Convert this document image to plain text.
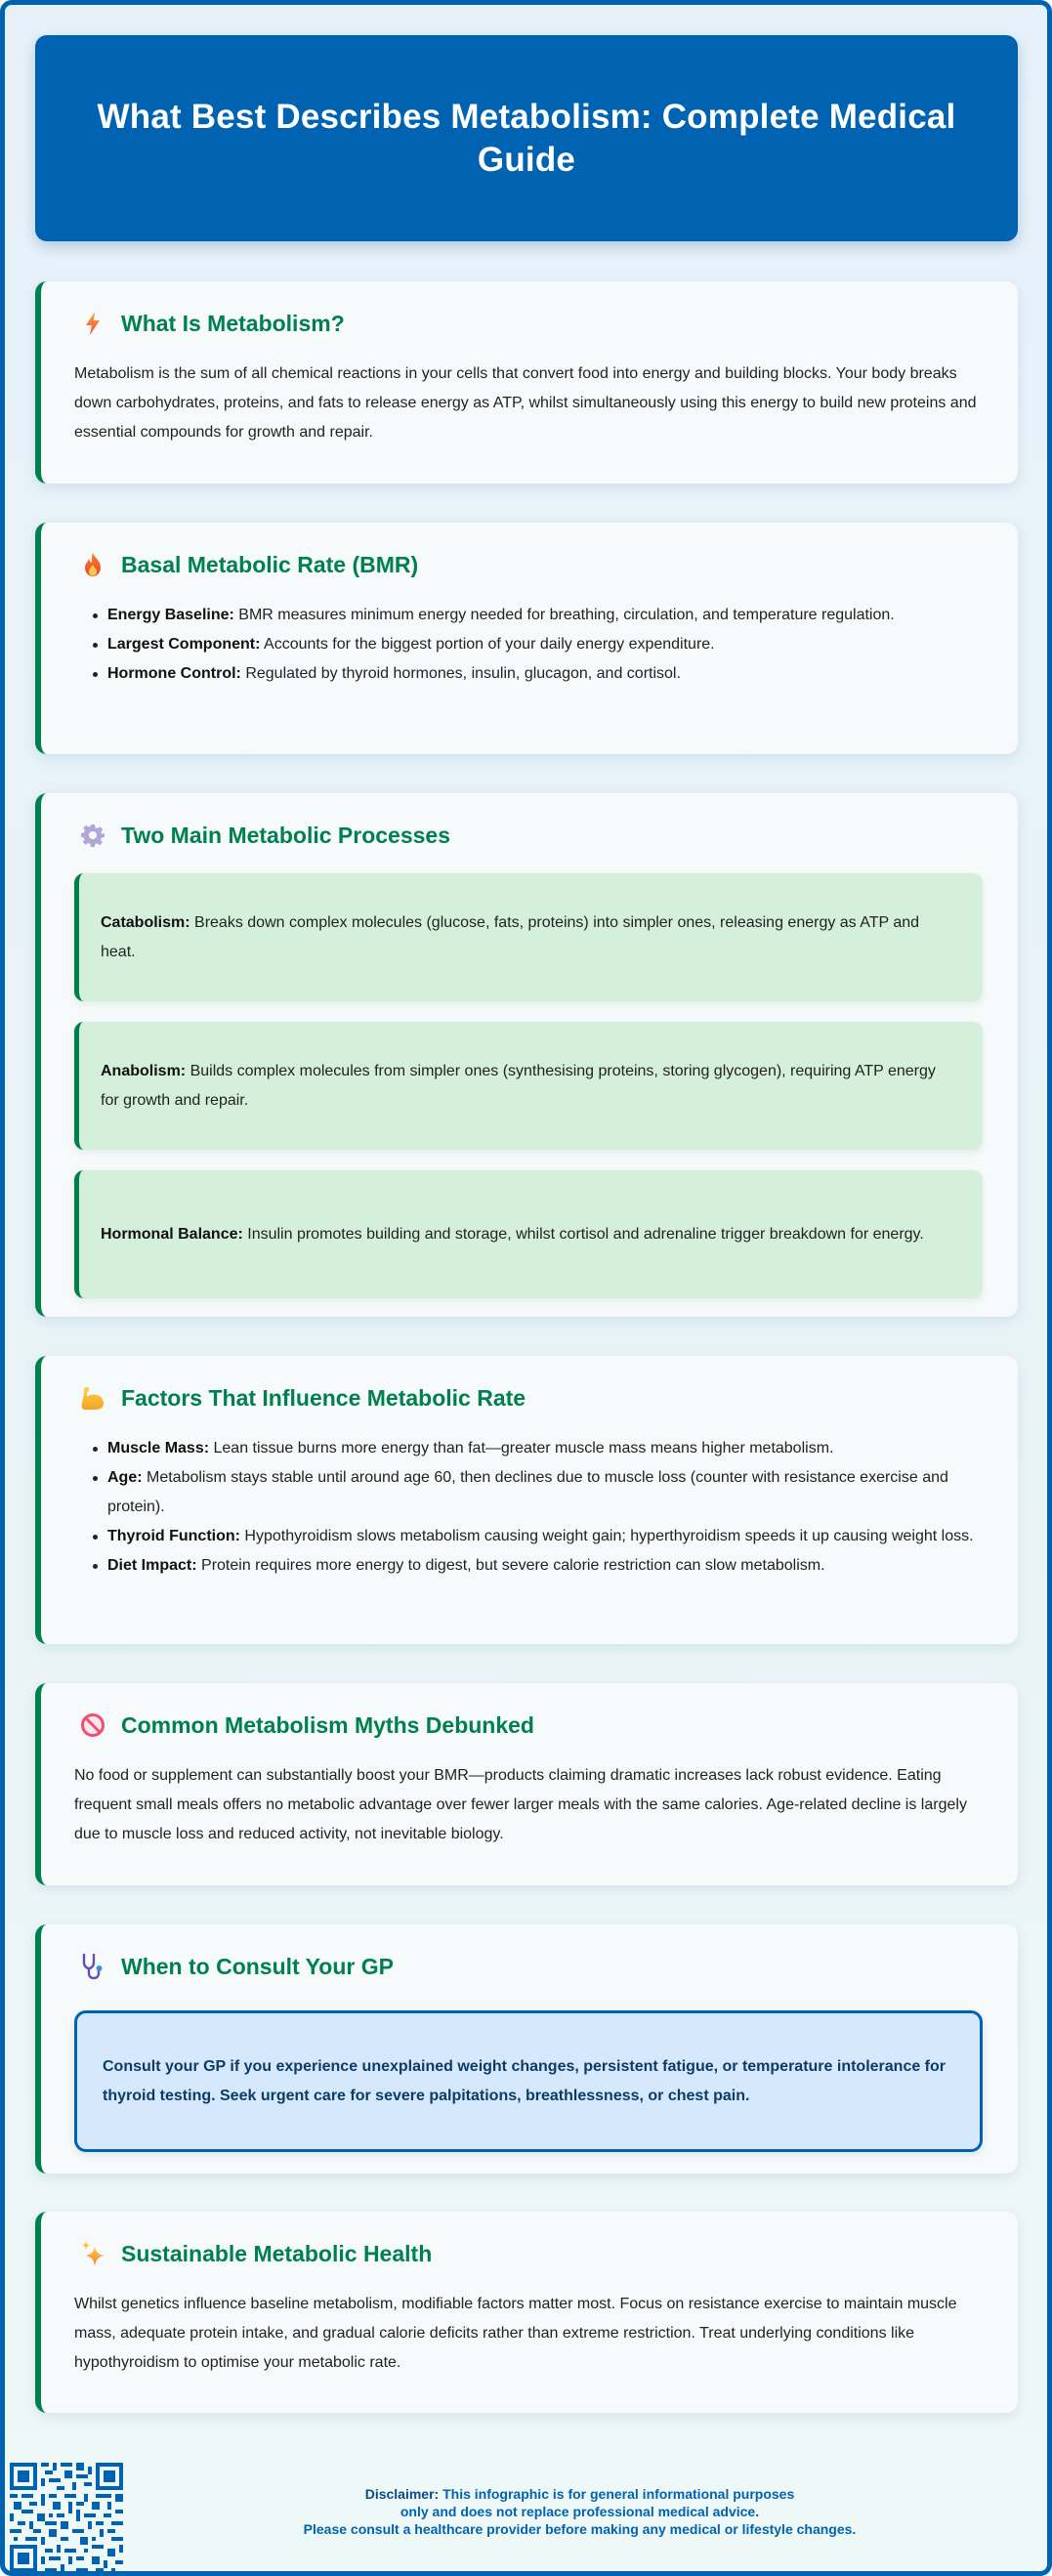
What Best Describes Metabolism: Complete Medical Guide
What Is Metabolism?

Metabolism is the sum of all chemical reactions in your cells that convert food into energy and building blocks. Your body breaks down carbohydrates, proteins, and fats to release energy as ATP, whilst simultaneously using this energy to build new proteins and essential compounds for growth and repair.

Basal Metabolic Rate (BMR)
Energy Baseline: BMR measures minimum energy needed for breathing, circulation, and temperature regulation.
Largest Component: Accounts for the biggest portion of your daily energy expenditure.
Hormone Control: Regulated by thyroid hormones, insulin, glucagon, and cortisol.
Two Main Metabolic Processes
Catabolism: Breaks down complex molecules (glucose, fats, proteins) into simpler ones, releasing energy as ATP and heat.
Anabolism: Builds complex molecules from simpler ones (synthesising proteins, storing glycogen), requiring ATP energy for growth and repair.
Hormonal Balance: Insulin promotes building and storage, whilst cortisol and adrenaline trigger breakdown for energy.
Factors That Influence Metabolic Rate
Muscle Mass: Lean tissue burns more energy than fat—greater muscle mass means higher metabolism.
Age: Metabolism stays stable until around age 60, then declines due to muscle loss (counter with resistance exercise and protein).
Thyroid Function: Hypothyroidism slows metabolism causing weight gain; hyperthyroidism speeds it up causing weight loss.
Diet Impact: Protein requires more energy to digest, but severe calorie restriction can slow metabolism.
Common Metabolism Myths Debunked

No food or supplement can substantially boost your BMR—products claiming dramatic increases lack robust evidence. Eating frequent small meals offers no metabolic advantage over fewer larger meals with the same calories. Age-related decline is largely due to muscle loss and reduced activity, not inevitable biology.

When to Consult Your GP
Consult your GP if you experience unexplained weight changes, persistent fatigue, or temperature intolerance for thyroid testing. Seek urgent care for severe palpitations, breathlessness, or chest pain.
Sustainable Metabolic Health

Whilst genetics influence baseline metabolism, modifiable factors matter most. Focus on resistance exercise to maintain muscle mass, adequate protein intake, and gradual calorie deficits rather than extreme restriction. Treat underlying conditions like hypothyroidism to optimise your metabolic rate.

Disclaimer: This infographic is for general informational purposes
only and does not replace professional medical advice.
Please consult a healthcare provider before making any medical or lifestyle changes.
